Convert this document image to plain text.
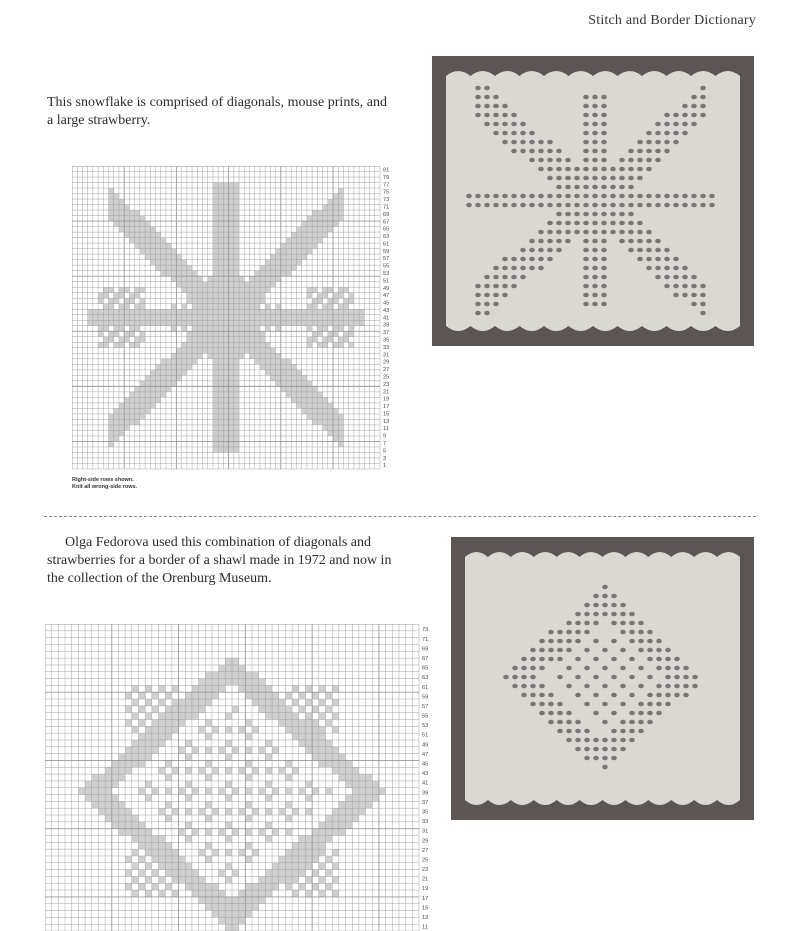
Stitch and Border Dictionary

This snowflake is comprised of diagonals, mouse prints, and a large strawberry.

81
79
77
75
73
71
69
67
65
63
61
59
57
55
53
51
49
47
45
43
41
39
37
35
33
31
29
27
25
23
21
19
17
15
13
11
9
7
5
3
1
Right-side rows shown.
Knit all wrong-side rows.

Olga Fedorova used this combination of diagonals and strawberries for a border of a shawl made in 1972 and now in the collection of the Orenburg Museum.

73
71
69
67
65
63
61
59
57
55
53
51
49
47
45
43
41
39
37
35
33
31
29
27
25
23
21
19
17
15
13
11
